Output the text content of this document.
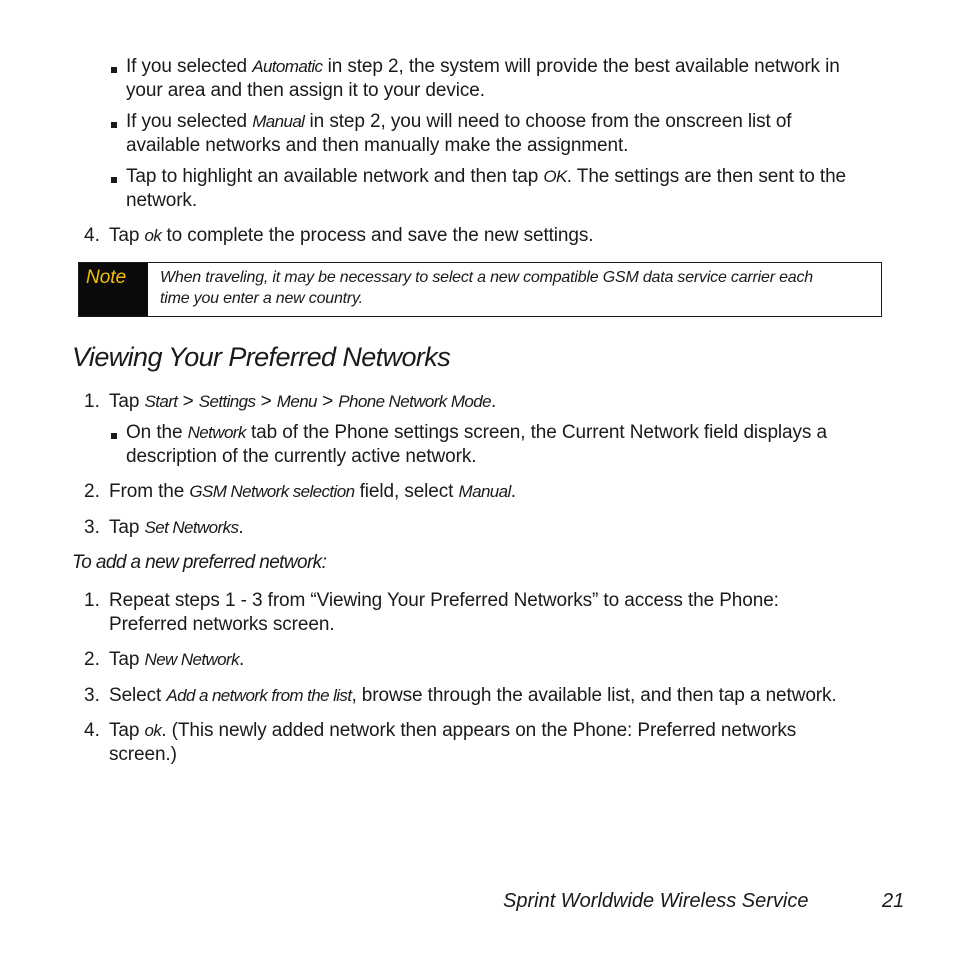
If you selected Automatic in step 2, the system will provide the best available network in
your area and then assign it to your device.
If you selected Manual in step 2, you will need to choose from the onscreen list of
available networks and then manually make the assignment.
Tap to highlight an available network and then tap OK. The settings are then sent to the
network.
4. Tap ok to complete the process and save the new settings.
Note	When traveling, it may be necessary to select a new compatible GSM data service carrier each
time you enter a new country.
Viewing Your Preferred Networks
1. Tap Start > Settings > Menu > Phone Network Mode.
On the Network tab of the Phone settings screen, the Current Network field displays a
description of the currently active network.
2. From the GSM Network selection field, select Manual.
3. Tap Set Networks.
To add a new preferred network:
1. Repeat steps 1 - 3 from “Viewing Your Preferred Networks” to access the Phone:
Preferred networks screen.
2. Tap New Network.
3. Select Add a network from the list, browse through the available list, and then tap a network.
4. Tap ok. (This newly added network then appears on the Phone: Preferred networks
screen.)
Sprint Worldwide Wireless Service	21
